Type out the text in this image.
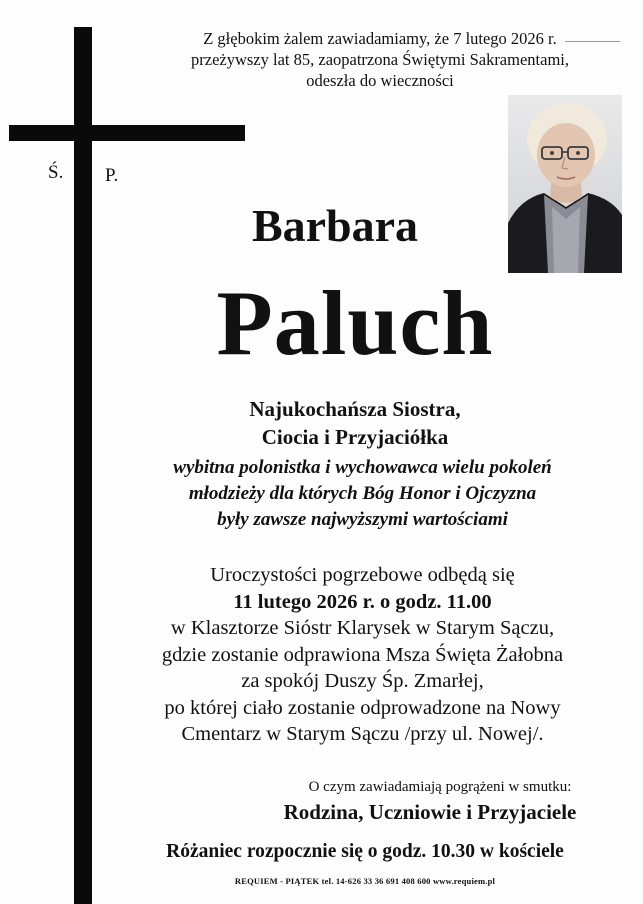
Ś. P.
Z głębokim żalem zawiadamiamy, że 7 lutego 2026 r.
przeżywszy lat 85, zaopatrzona Świętymi Sakramentami,
odeszła do wieczności
Barbara
Paluch
Najukochańsza Siostra,
Ciocia i Przyjaciółka
wybitna polonistka i wychowawca wielu pokoleń
młodzieży dla których Bóg Honor i Ojczyzna
były zawsze najwyższymi wartościami
Uroczystości pogrzebowe odbędą się
11 lutego 2026 r. o godz. 11.00
w Klasztorze Sióstr Klarysek w Starym Sączu,
gdzie zostanie odprawiona Msza Święta Żałobna
za spokój Duszy Śp. Zmarłej,
po której ciało zostanie odprowadzone na Nowy
Cmentarz w Starym Sączu /przy ul. Nowej/.
O czym zawiadamiają pogrążeni w smutku:
Rodzina, Uczniowie i Przyjaciele
Różaniec rozpocznie się o godz. 10.30 w kościele
REQUIEM - PIĄTEK tel. 14-626 33 36 691 408 600 www.requiem.pl
